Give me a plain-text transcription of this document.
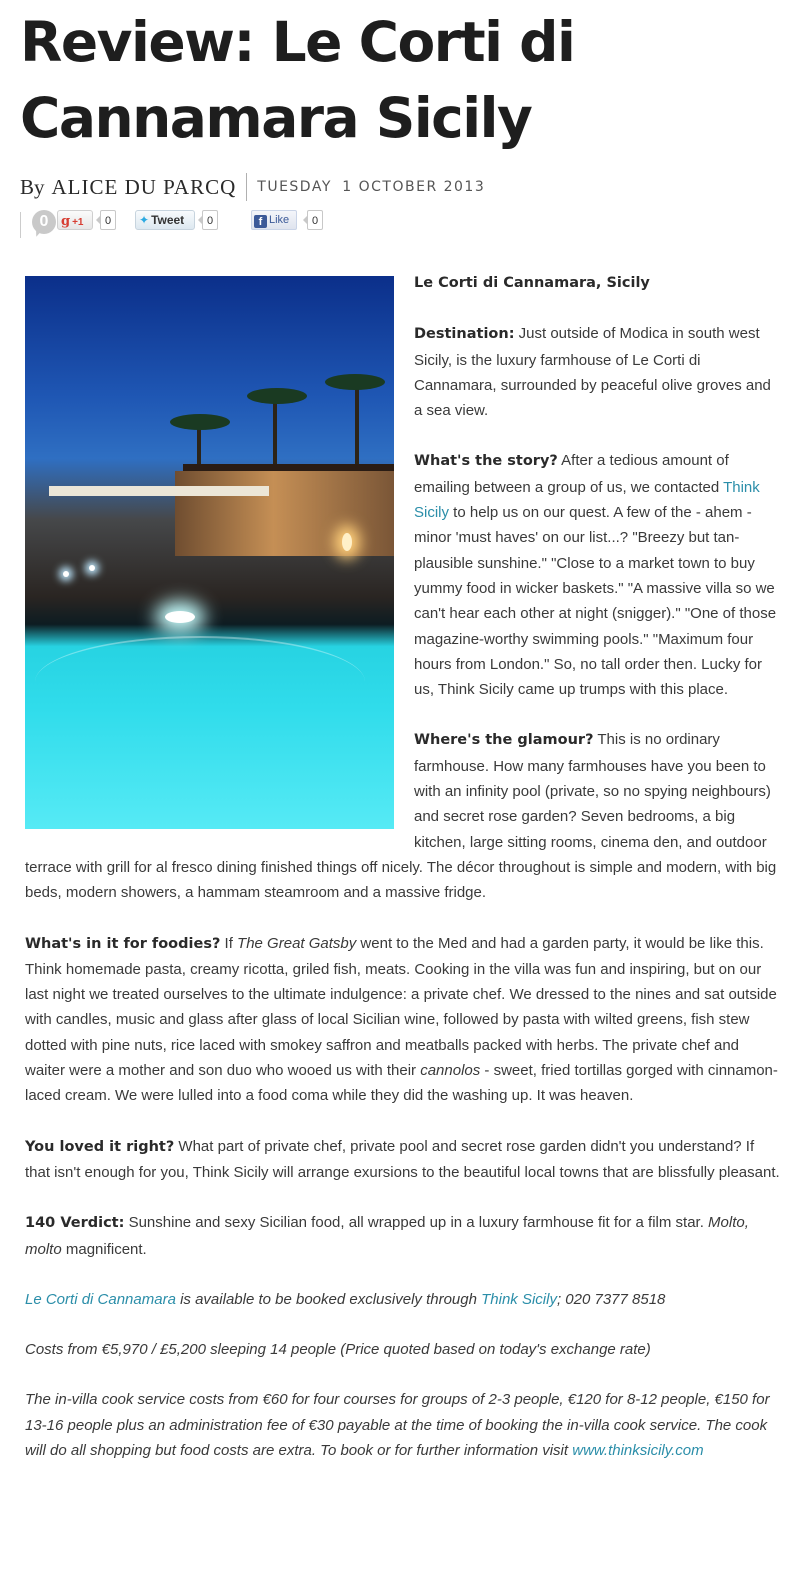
Review: Le Corti di Cannamara Sicily
By ALICE DU PARCQ TUESDAY 1 OCTOBER 2013
0 g +1	0	✦ Tweet	0	f Like	0

Le Corti di Cannamara, Sicily

Destination: Just outside of Modica in south west Sicily, is the luxury farmhouse of Le Corti di Cannamara, surrounded by peaceful olive groves and a sea view.

What's the story? After a tedious amount of emailing between a group of us, we contacted Think Sicily to help us on our quest. A few of the - ahem - minor 'must haves' on our list...? "Breezy but tan-plausible sunshine." "Close to a market town to buy yummy food in wicker baskets." "A massive villa so we can't hear each other at night (snigger)." "One of those magazine-worthy swimming pools." "Maximum four hours from London." So, no tall order then. Lucky for us, Think Sicily came up trumps with this place.

Where's the glamour? This is no ordinary farmhouse. How many farmhouses have you been to with an infinity pool (private, so no spying neighbours) and secret rose garden? Seven bedrooms, a big kitchen, large sitting rooms, cinema den, and outdoor terrace with grill for al fresco dining finished things off nicely. The décor throughout is simple and modern, with big beds, modern showers, a hammam steamroom and a massive fridge.

What's in it for foodies? If The Great Gatsby went to the Med and had a garden party, it would be like this. Think homemade pasta, creamy ricotta, griled fish, meats. Cooking in the villa was fun and inspiring, but on our last night we treated ourselves to the ultimate indulgence: a private chef. We dressed to the nines and sat outside with candles, music and glass after glass of local Sicilian wine, followed by pasta with wilted greens, fish stew dotted with pine nuts, rice laced with smokey saffron and meatballs packed with herbs. The private chef and waiter were a mother and son duo who wooed us with their cannolos - sweet, fried tortillas gorged with cinnamon-laced cream. We were lulled into a food coma while they did the washing up. It was heaven.

You loved it right? What part of private chef, private pool and secret rose garden didn't you understand? If that isn't enough for you, Think Sicily will arrange exursions to the beautiful local towns that are blissfully pleasant.

140 Verdict: Sunshine and sexy Sicilian food, all wrapped up in a luxury farmhouse fit for a film star. Molto, molto magnificent.

Le Corti di Cannamara is available to be booked exclusively through Think Sicily; 020 7377 8518

Costs from €5,970 / £5,200 sleeping 14 people (Price quoted based on today's exchange rate)

The in-villa cook service costs from €60 for four courses for groups of 2-3 people, €120 for 8-12 people, €150 for 13-16 people plus an administration fee of €30 payable at the time of booking the in-villa cook service. The cook will do all shopping but food costs are extra. To book or for further information visit www.thinksicily.com
